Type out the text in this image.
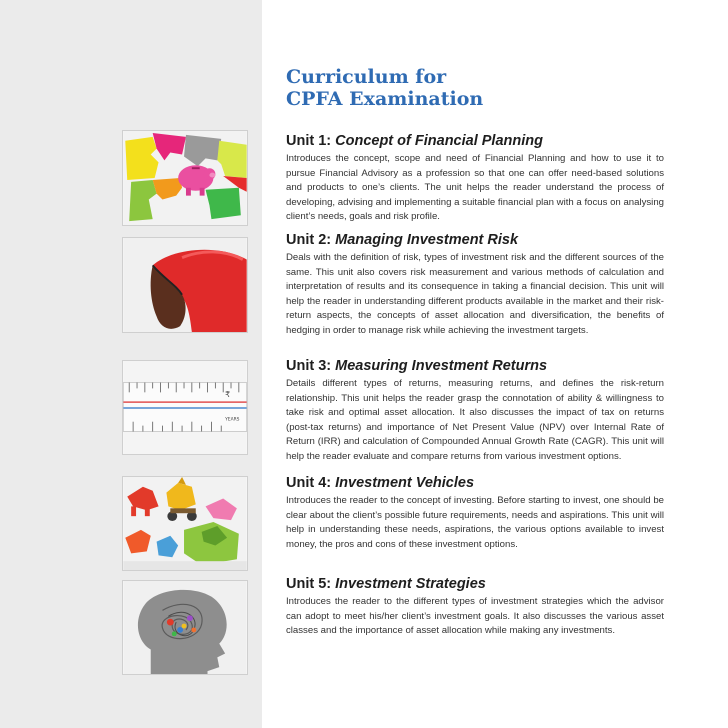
Curriculum for
CPFA Examination
₹
YEARS
Unit 1: Concept of Financial Planning

Introduces the concept, scope and need of Financial Planning and how to use it to pursue Financial Advisory as a profession so that one can offer need-based solutions and products to one’s clients. The unit helps the reader understand the process of developing, advising and implementing a suitable financial plan with a focus on analysing client’s needs, goals and risk profile.

Unit 2: Managing Investment Risk

Deals with the definition of risk, types of investment risk and the different sources of the same. This unit also covers risk measurement and various methods of calculation and interpretation of results and its consequence in taking a financial decision. This unit will help the reader in understanding different products available in the market and their risk-return aspects, the concepts of asset allocation and diversification, the benefits of hedging in order to manage risk while achieving the investment targets.

Unit 3: Measuring Investment Returns

Details different types of returns, measuring returns, and defines the risk-return relationship. This unit helps the reader grasp the connotation of ability & willingness to take risk and optimal asset allocation. It also discusses the impact of tax on returns (post-tax returns) and importance of Net Present Value (NPV) over Internal Rate of Return (IRR) and calculation of Compounded Annual Growth Rate (CAGR). This unit will help the reader evaluate and compare returns from various investment options.

Unit 4: Investment Vehicles

Introduces the reader to the concept of investing. Before starting to invest, one should be clear about the client’s possible future requirements, needs and aspirations. This unit will help in understanding these needs, aspirations, the various options available to invest money, the pros and cons of these investment options.

Unit 5: Investment Strategies

Introduces the reader to the different types of investment strategies which the advisor can adopt to meet his/her client’s investment goals. It also discusses the various asset classes and the importance of asset allocation while making any investments.
